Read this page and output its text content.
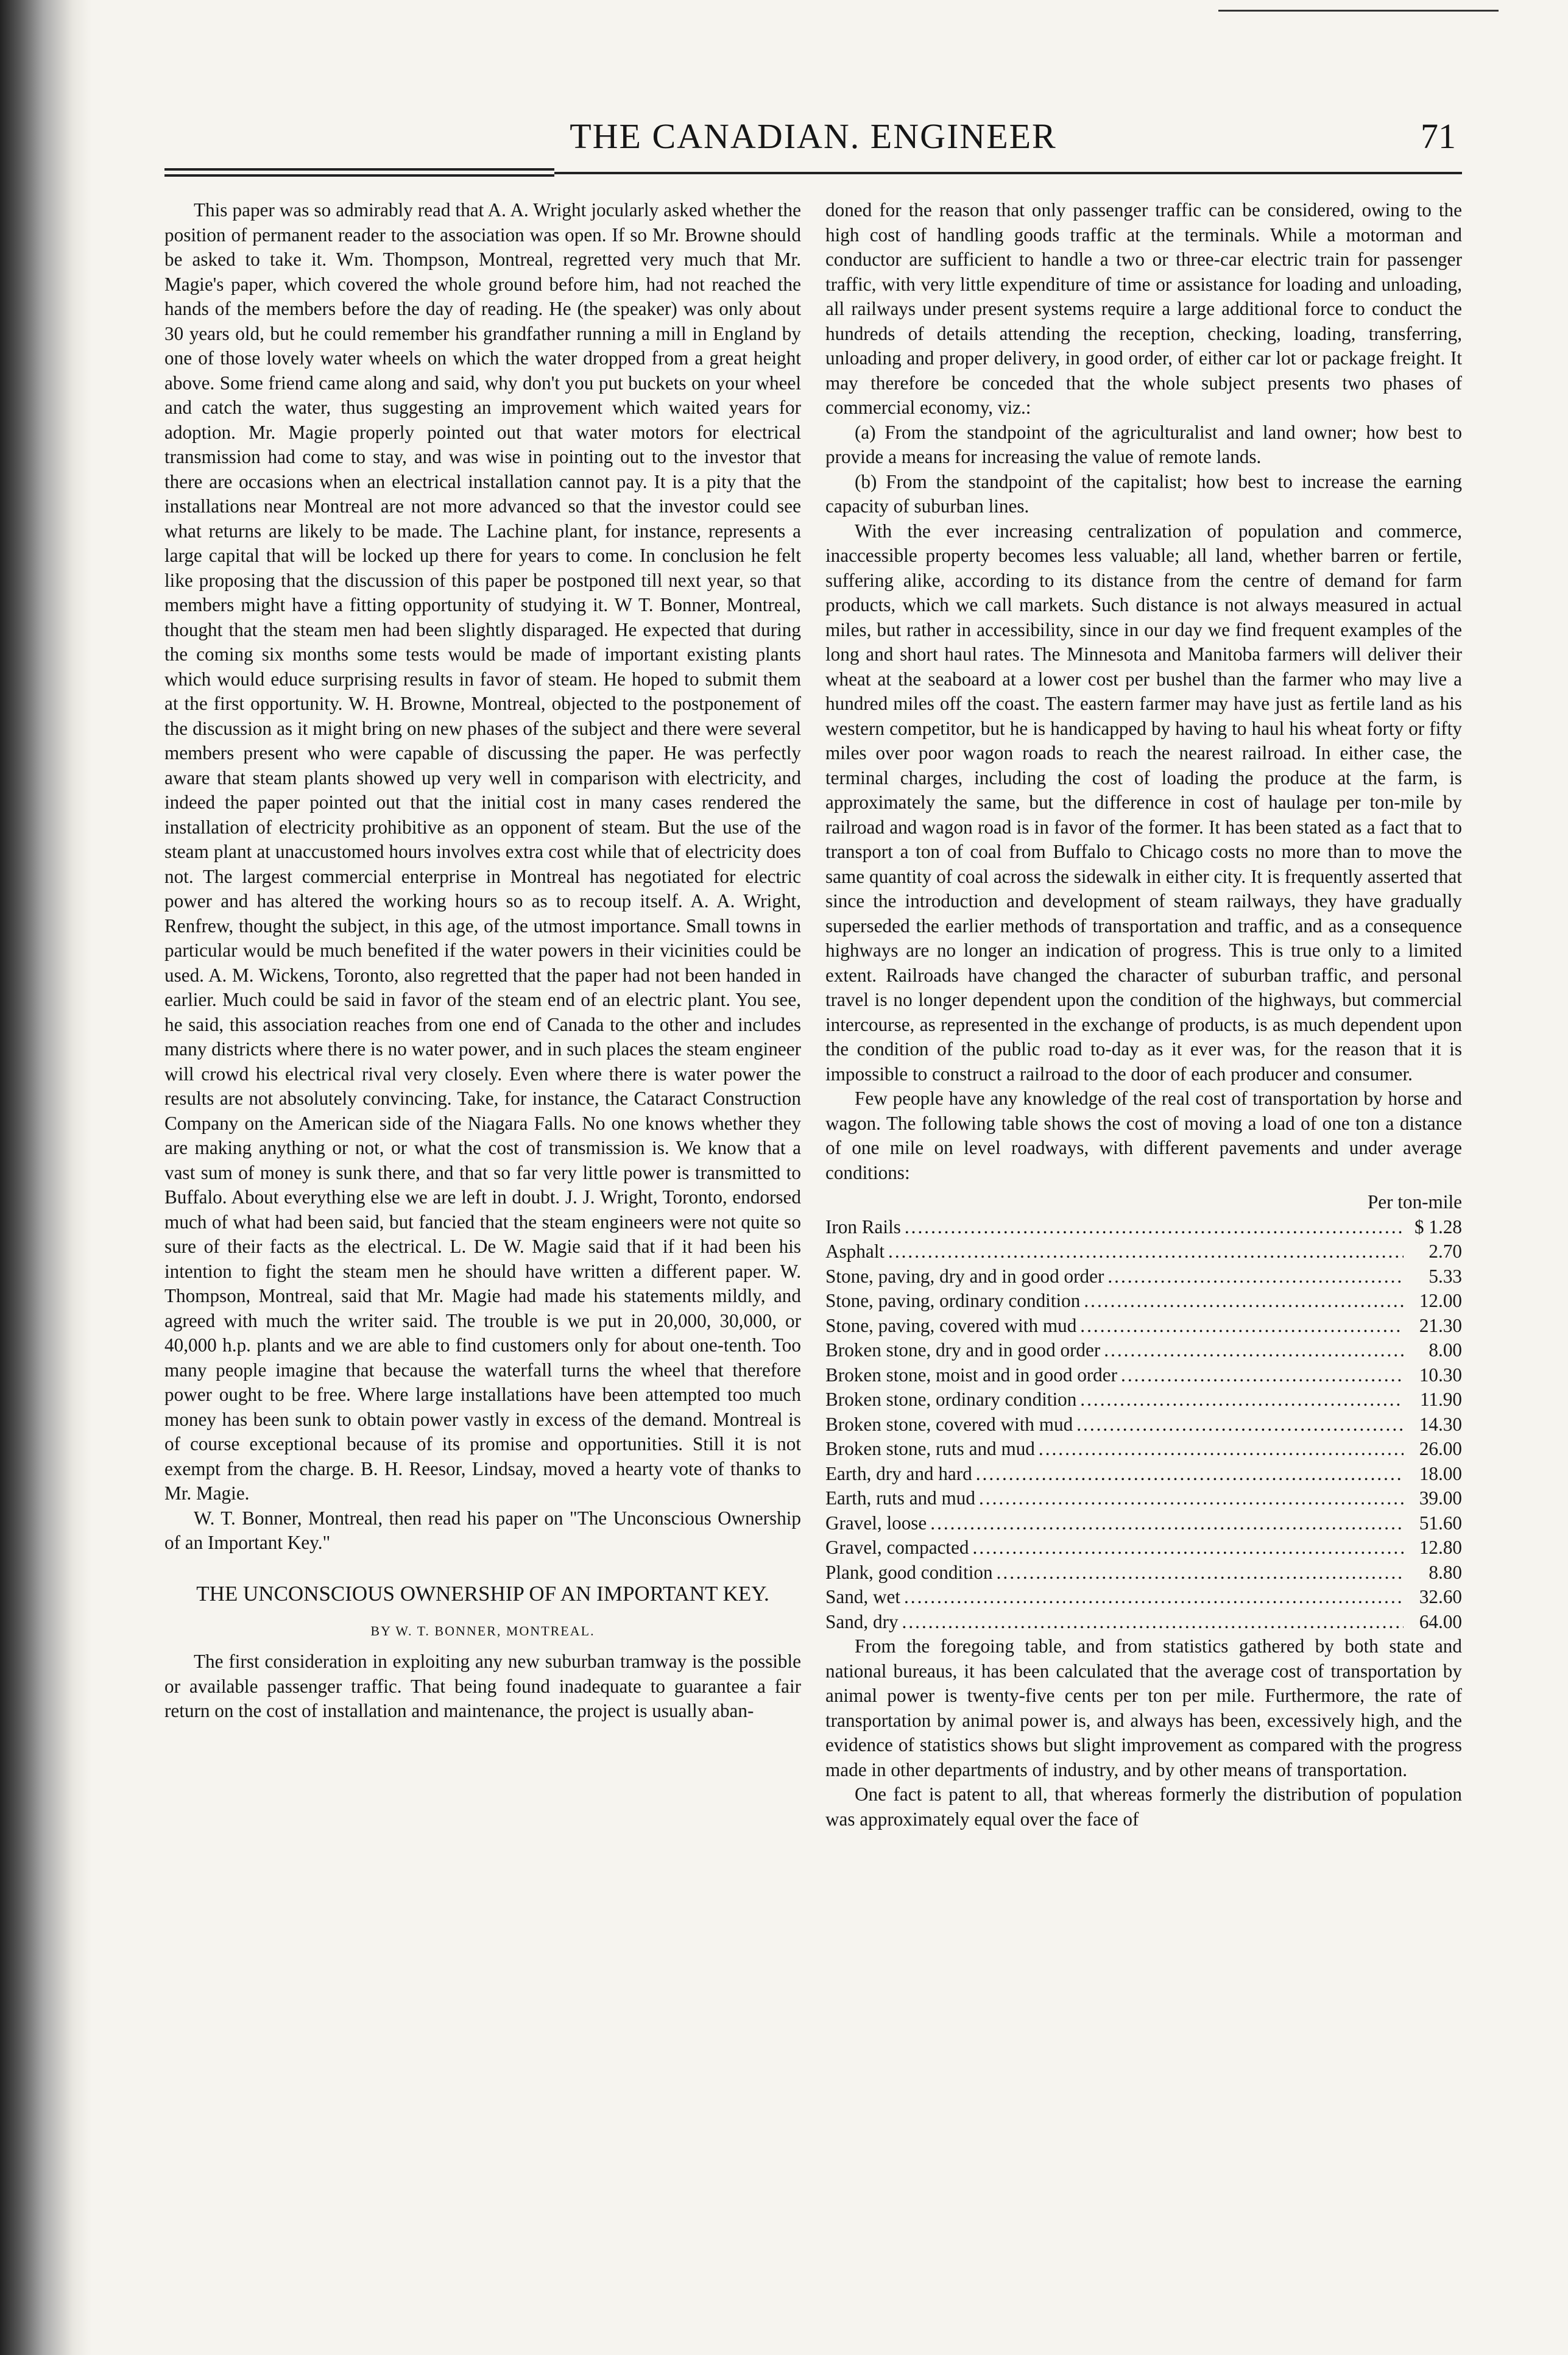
THE CANADIAN. ENGINEER	71

This paper was so admirably read that A. A. Wright jocularly asked whether the position of permanent reader to the association was open. If so Mr. Browne should be asked to take it. Wm. Thompson, Montreal, regretted very much that Mr. Magie's paper, which covered the whole ground before him, had not reached the hands of the members before the day of reading. He (the speaker) was only about 30 years old, but he could remember his grandfather running a mill in England by one of those lovely water wheels on which the water dropped from a great height above. Some friend came along and said, why don't you put buckets on your wheel and catch the water, thus suggesting an improvement which waited years for adoption. Mr. Magie properly pointed out that water motors for electrical transmission had come to stay, and was wise in pointing out to the investor that there are occasions when an electrical installation cannot pay. It is a pity that the installations near Montreal are not more advanced so that the investor could see what returns are likely to be made. The Lachine plant, for instance, represents a large capital that will be locked up there for years to come. In conclusion he felt like proposing that the discussion of this paper be postponed till next year, so that members might have a fitting opportunity of studying it. W T. Bonner, Montreal, thought that the steam men had been slightly disparaged. He expected that during the coming six months some tests would be made of important existing plants which would educe surprising results in favor of steam. He hoped to submit them at the first opportunity. W. H. Browne, Montreal, objected to the postponement of the discussion as it might bring on new phases of the subject and there were several members present who were capable of discussing the paper. He was perfectly aware that steam plants showed up very well in comparison with electricity, and indeed the paper pointed out that the initial cost in many cases rendered the installation of electricity prohibitive as an opponent of steam. But the use of the steam plant at unaccustomed hours involves extra cost while that of electricity does not. The largest commercial enterprise in Montreal has negotiated for electric power and has altered the working hours so as to recoup itself. A. A. Wright, Renfrew, thought the subject, in this age, of the utmost importance. Small towns in particular would be much benefited if the water powers in their vicinities could be used. A. M. Wickens, Toronto, also regretted that the paper had not been handed in earlier. Much could be said in favor of the steam end of an electric plant. You see, he said, this association reaches from one end of Canada to the other and includes many districts where there is no water power, and in such places the steam engineer will crowd his electrical rival very closely. Even where there is water power the results are not absolutely convincing. Take, for instance, the Cataract Construction Company on the American side of the Niagara Falls. No one knows whether they are making anything or not, or what the cost of transmission is. We know that a vast sum of money is sunk there, and that so far very little power is transmitted to Buffalo. About everything else we are left in doubt. J. J. Wright, Toronto, endorsed much of what had been said, but fancied that the steam engineers were not quite so sure of their facts as the electrical. L. De W. Magie said that if it had been his intention to fight the steam men he should have written a different paper. W. Thompson, Montreal, said that Mr. Magie had made his statements mildly, and agreed with much the writer said. The trouble is we put in 20,000, 30,000, or 40,000 h.p. plants and we are able to find customers only for about one-tenth. Too many people imagine that because the waterfall turns the wheel that therefore power ought to be free. Where large installations have been attempted too much money has been sunk to obtain power vastly in excess of the demand. Montreal is of course exceptional because of its promise and opportunities. Still it is not exempt from the charge. B. H. Reesor, Lindsay, moved a hearty vote of thanks to Mr. Magie.

W. T. Bonner, Montreal, then read his paper on "The Unconscious Ownership of an Important Key."

THE UNCONSCIOUS OWNERSHIP OF AN IMPORTANT KEY.
BY W. T. BONNER, MONTREAL.

The first consideration in exploiting any new suburban tramway is the possible or available passenger traffic. That being found inadequate to guarantee a fair return on the cost of installation and maintenance, the project is usually aban-

doned for the reason that only passenger traffic can be considered, owing to the high cost of handling goods traffic at the terminals. While a motorman and conductor are sufficient to handle a two or three-car electric train for passenger traffic, with very little expenditure of time or assistance for loading and unloading, all railways under present systems require a large additional force to conduct the hundreds of details attending the reception, checking, loading, transferring, unloading and proper delivery, in good order, of either car lot or package freight. It may therefore be conceded that the whole subject presents two phases of commercial economy, viz.:

(a) From the standpoint of the agriculturalist and land owner; how best to provide a means for increasing the value of remote lands.

(b) From the standpoint of the capitalist; how best to increase the earning capacity of suburban lines.

With the ever increasing centralization of population and commerce, inaccessible property becomes less valuable; all land, whether barren or fertile, suffering alike, according to its distance from the centre of demand for farm products, which we call markets. Such distance is not always measured in actual miles, but rather in accessibility, since in our day we find frequent examples of the long and short haul rates. The Minnesota and Manitoba farmers will deliver their wheat at the seaboard at a lower cost per bushel than the farmer who may live a hundred miles off the coast. The eastern farmer may have just as fertile land as his western competitor, but he is handicapped by having to haul his wheat forty or fifty miles over poor wagon roads to reach the nearest railroad. In either case, the terminal charges, including the cost of loading the produce at the farm, is approximately the same, but the difference in cost of haulage per ton-mile by railroad and wagon road is in favor of the former. It has been stated as a fact that to transport a ton of coal from Buffalo to Chicago costs no more than to move the same quantity of coal across the sidewalk in either city. It is frequently asserted that since the introduction and development of steam railways, they have gradually superseded the earlier methods of transportation and traffic, and as a consequence highways are no longer an indication of progress. This is true only to a limited extent. Railroads have changed the character of suburban traffic, and personal travel is no longer dependent upon the condition of the highways, but commercial intercourse, as represented in the exchange of products, is as much dependent upon the condition of the public road to-day as it ever was, for the reason that it is impossible to construct a railroad to the door of each producer and consumer.

Few people have any knowledge of the real cost of transportation by horse and wagon. The following table shows the cost of moving a load of one ton a distance of one mile on level roadways, with different pavements and under average conditions:

Per ton-mile
Iron Rails .....	$ 1.28
Asphalt .....	2.70
Stone, paving, dry and in good order .....	5.33
Stone, paving, ordinary condition .....	12.00
Stone, paving, covered with mud .....	21.30
Broken stone, dry and in good order .....	8.00
Broken stone, moist and in good order .....	10.30
Broken stone, ordinary condition .....	11.90
Broken stone, covered with mud .....	14.30
Broken stone, ruts and mud .....	26.00
Earth, dry and hard .....	18.00
Earth, ruts and mud .....	39.00
Gravel, loose .....	51.60
Gravel, compacted .....	12.80
Plank, good condition .....	8.80
Sand, wet .....	32.60
Sand, dry .....	64.00

From the foregoing table, and from statistics gathered by both state and national bureaus, it has been calculated that the average cost of transportation by animal power is twenty-five cents per ton per mile. Furthermore, the rate of transportation by animal power is, and always has been, excessively high, and the evidence of statistics shows but slight improvement as compared with the progress made in other departments of industry, and by other means of transportation.

One fact is patent to all, that whereas formerly the distribution of population was approximately equal over the face of
